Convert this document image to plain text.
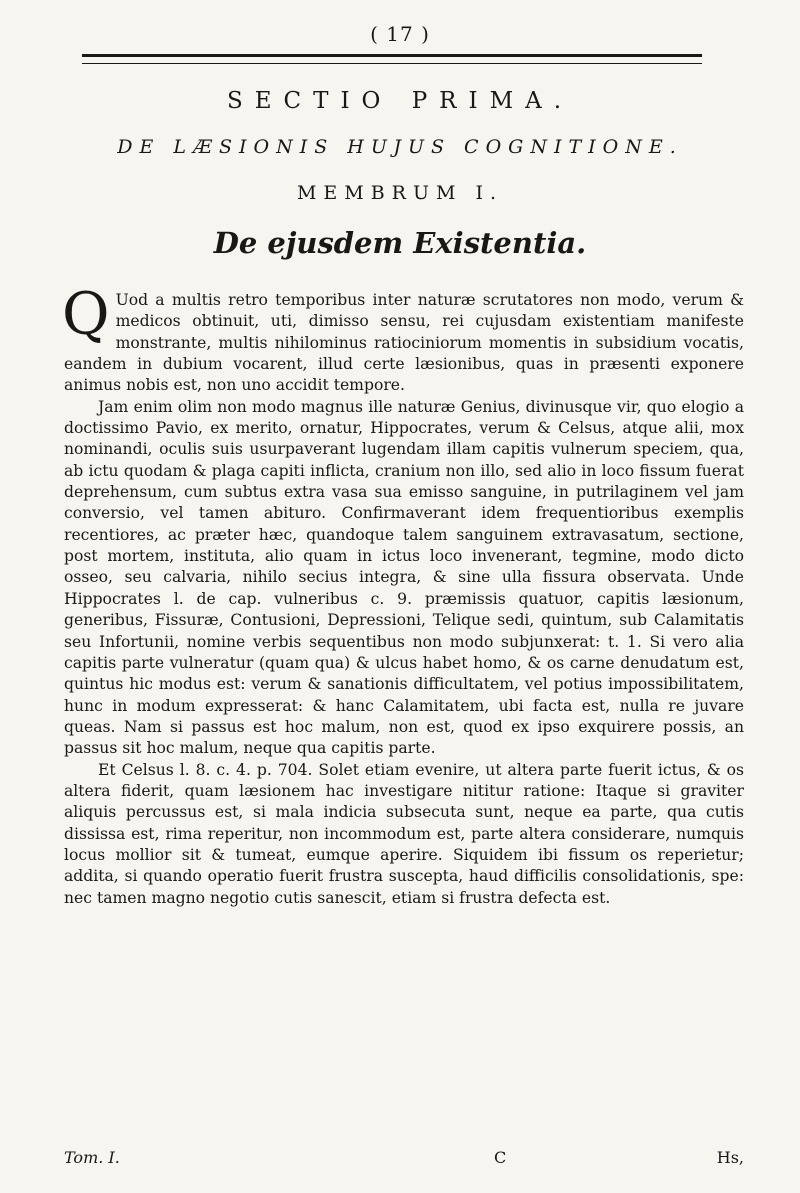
( 17 )
SECTIO PRIMA.
DE LÆSIONIS HUJUS COGNITIONE.
MEMBRUM I.
De ejusdem Existentia.

Q Uod a multis retro temporibus inter naturæ scrutatores non modo, verum & medicos obtinuit, uti, dimisso sensu, rei cujusdam existentiam manifeste monstrante, multis nihilominus ratiociniorum momentis in subsidium vocatis, eandem in dubium vocarent, illud certe læsionibus, quas in præsenti exponere animus nobis est, non uno accidit tempore.

Jam enim olim non modo magnus ille naturæ Genius, divinusque vir, quo elogio a doctissimo Pavio, ex merito, ornatur, Hippocrates, verum & Celsus, atque alii, mox nominandi, oculis suis usurpaverant lugendam illam capitis vulnerum speciem, qua, ab ictu quodam & plaga capiti inflicta, cranium non illo, sed alio in loco fissum fuerat deprehensum, cum subtus extra vasa sua emisso sanguine, in putrilaginem vel jam conversio, vel tamen abituro. Confirmaverant idem frequentioribus exemplis recentiores, ac præter hæc, quandoque talem sanguinem extravasatum, sectione, post mortem, instituta, alio quam in ictus loco invenerant, tegmine, modo dicto osseo, seu calvaria, nihilo secius integra, & sine ulla fissura observata. Unde Hippocrates l. de cap. vulneribus c. 9. præmissis quatuor, capitis læsionum, generibus, Fissuræ, Contusioni, Depressioni, Telique sedi, quintum, sub Calamitatis seu Infortunii, nomine verbis sequentibus non modo subjunxerat: t. 1. Si vero alia capitis parte vulneratur (quam qua) & ulcus habet homo, & os carne denudatum est, quintus hic modus est: verum & sanationis difficultatem, vel potius impossibilitatem, hunc in modum expresserat: & hanc Calamitatem, ubi facta est, nulla re juvare queas. Nam si passus est hoc malum, non est, quod ex ipso exquirere possis, an passus sit hoc malum, neque qua capitis parte.

Et Celsus l. 8. c. 4. p. 704. Solet etiam evenire, ut altera parte fuerit ictus, & os altera fiderit, quam læsionem hac investigare nititur ratione: Itaque si graviter aliquis percussus est, si mala indicia subsecuta sunt, neque ea parte, qua cutis dississa est, rima reperitur, non incommodum est, parte altera considerare, numquis locus mollior sit & tumeat, eumque aperire. Siquidem ibi fissum os reperietur; addita, si quando operatio fuerit frustra suscepta, haud difficilis consolidationis, spe: nec tamen magno negotio cutis sanescit, etiam si frustra defecta est.

Tom. I.	C	Hs,
